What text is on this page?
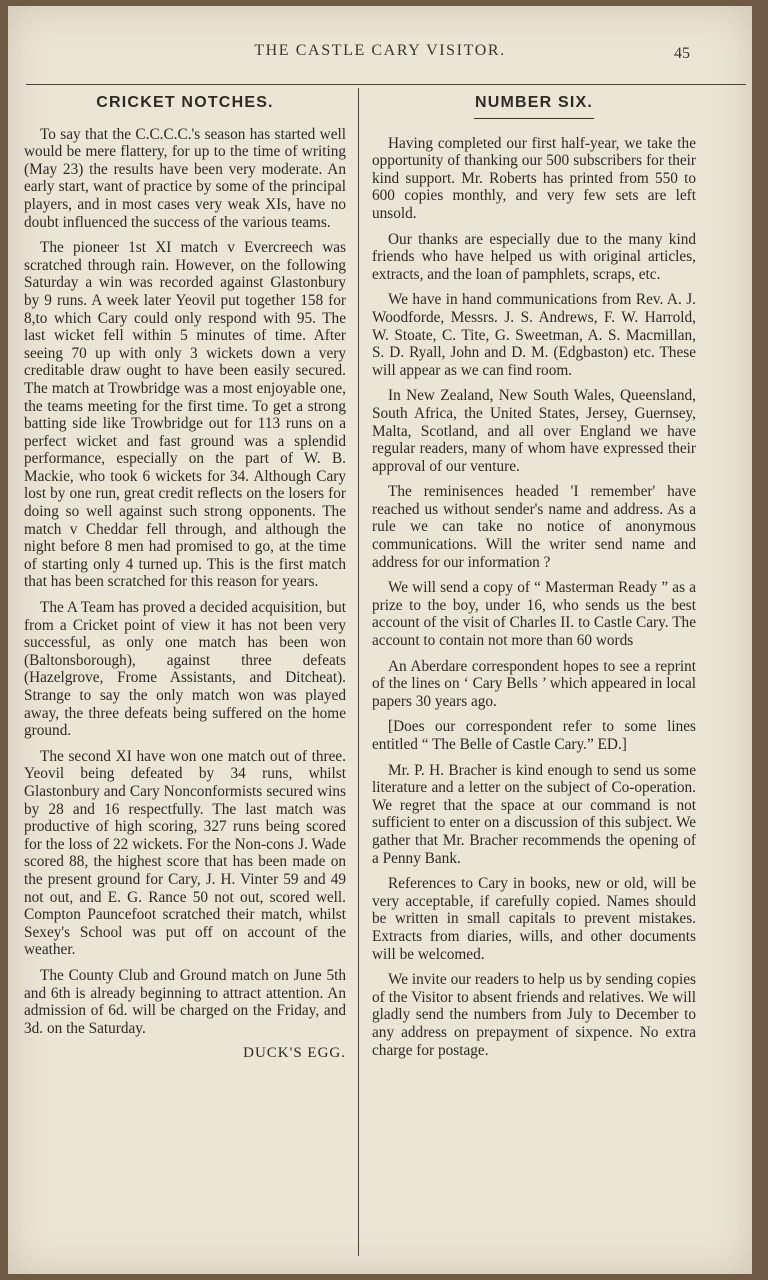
THE CASTLE CARY VISITOR.	45
CRICKET NOTCHES.

To say that the C.C.C.C.'s season has started well would be mere flattery, for up to the time of writing (May 23) the results have been very moderate. An early start, want of practice by some of the principal players, and in most cases very weak XIs, have no doubt influenced the success of the various teams.

The pioneer 1st XI match v Evercreech was scratched through rain. However, on the following Saturday a win was recorded against Glastonbury by 9 runs. A week later Yeovil put together 158 for 8,to which Cary could only respond with 95. The last wicket fell within 5 minutes of time. After seeing 70 up with only 3 wickets down a very creditable draw ought to have been easily secured. The match at Trowbridge was a most enjoyable one, the teams meeting for the first time. To get a strong batting side like Trowbridge out for 113 runs on a perfect wicket and fast ground was a splendid performance, especially on the part of W. B. Mackie, who took 6 wickets for 34. Although Cary lost by one run, great credit reflects on the losers for doing so well against such strong opponents. The match v Cheddar fell through, and although the night before 8 men had promised to go, at the time of starting only 4 turned up. This is the first match that has been scratched for this reason for years.

The A Team has proved a decided acquisition, but from a Cricket point of view it has not been very successful, as only one match has been won (Baltonsborough), against three defeats (Hazelgrove, Frome Assistants, and Ditcheat). Strange to say the only match won was played away, the three defeats being suffered on the home ground.

The second XI have won one match out of three. Yeovil being defeated by 34 runs, whilst Glastonbury and Cary Nonconformists secured wins by 28 and 16 respectfully. The last match was productive of high scoring, 327 runs being scored for the loss of 22 wickets. For the Non-cons J. Wade scored 88, the highest score that has been made on the present ground for Cary, J. H. Vinter 59 and 49 not out, and E. G. Rance 50 not out, scored well. Compton Pauncefoot scratched their match, whilst Sexey's School was put off on account of the weather.

The County Club and Ground match on June 5th and 6th is already beginning to attract attention. An admission of 6d. will be charged on the Friday, and 3d. on the Saturday.

DUCK'S EGG.
NUMBER SIX.

Having completed our first half-year, we take the opportunity of thanking our 500 subscribers for their kind support. Mr. Roberts has printed from 550 to 600 copies monthly, and very few sets are left unsold.

Our thanks are especially due to the many kind friends who have helped us with original articles, extracts, and the loan of pamphlets, scraps, etc.

We have in hand communications from Rev. A. J. Woodforde, Messrs. J. S. Andrews, F. W. Harrold, W. Stoate, C. Tite, G. Sweetman, A. S. Macmillan, S. D. Ryall, John and D. M. (Edgbaston) etc. These will appear as we can find room.

In New Zealand, New South Wales, Queensland, South Africa, the United States, Jersey, Guernsey, Malta, Scotland, and all over England we have regular readers, many of whom have expressed their approval of our venture.

The reminisences headed 'I remember' have reached us without sender's name and address. As a rule we can take no notice of anonymous communications. Will the writer send name and address for our information ?

We will send a copy of “ Masterman Ready ” as a prize to the boy, under 16, who sends us the best account of the visit of Charles II. to Castle Cary. The account to contain not more than 60 words

An Aberdare correspondent hopes to see a reprint of the lines on ‘ Cary Bells ’ which appeared in local papers 30 years ago.

[Does our correspondent refer to some lines entitled “ The Belle of Castle Cary.” ED.]

Mr. P. H. Bracher is kind enough to send us some literature and a letter on the subject of Co-operation. We regret that the space at our command is not sufficient to enter on a discussion of this subject. We gather that Mr. Bracher recommends the opening of a Penny Bank.

References to Cary in books, new or old, will be very acceptable, if carefully copied. Names should be written in small capitals to prevent mistakes. Extracts from diaries, wills, and other documents will be welcomed.

We invite our readers to help us by sending copies of the Visitor to absent friends and relatives. We will gladly send the numbers from July to December to any address on prepayment of sixpence. No extra charge for postage.
